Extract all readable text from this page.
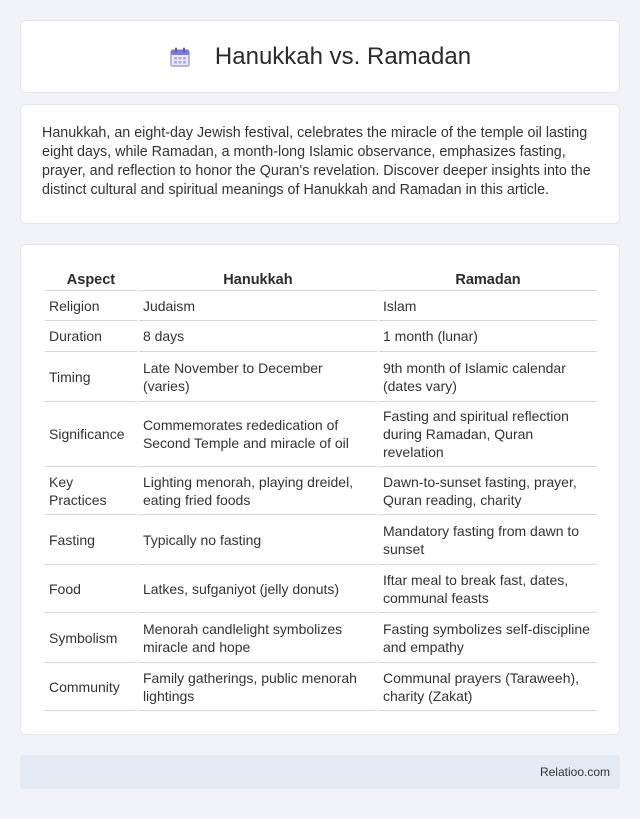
Hanukkah vs. Ramadan

Hanukkah, an eight-day Jewish festival, celebrates the miracle of the temple oil lasting eight days, while Ramadan, a month-long Islamic observance, emphasizes fasting, prayer, and reflection to honor the Quran's revelation. Discover deeper insights into the distinct cultural and spiritual meanings of Hanukkah and Ramadan in this article.

Aspect	Hanukkah	Ramadan
Religion	Judaism	Islam
Duration	8 days	1 month (lunar)
Timing	Late November to December (varies)	9th month of Islamic calendar (dates vary)
Significance	Commemorates rededication of Second Temple and miracle of oil	Fasting and spiritual reflection during Ramadan, Quran revelation
Key Practices	Lighting menorah, playing dreidel, eating fried foods	Dawn-to-sunset fasting, prayer, Quran reading, charity
Fasting	Typically no fasting	Mandatory fasting from dawn to sunset
Food	Latkes, sufganiyot (jelly donuts)	Iftar meal to break fast, dates, communal feasts
Symbolism	Menorah candlelight symbolizes miracle and hope	Fasting symbolizes self-discipline and empathy
Community	Family gatherings, public menorah lightings	Communal prayers (Taraweeh), charity (Zakat)
Relatioo.com
